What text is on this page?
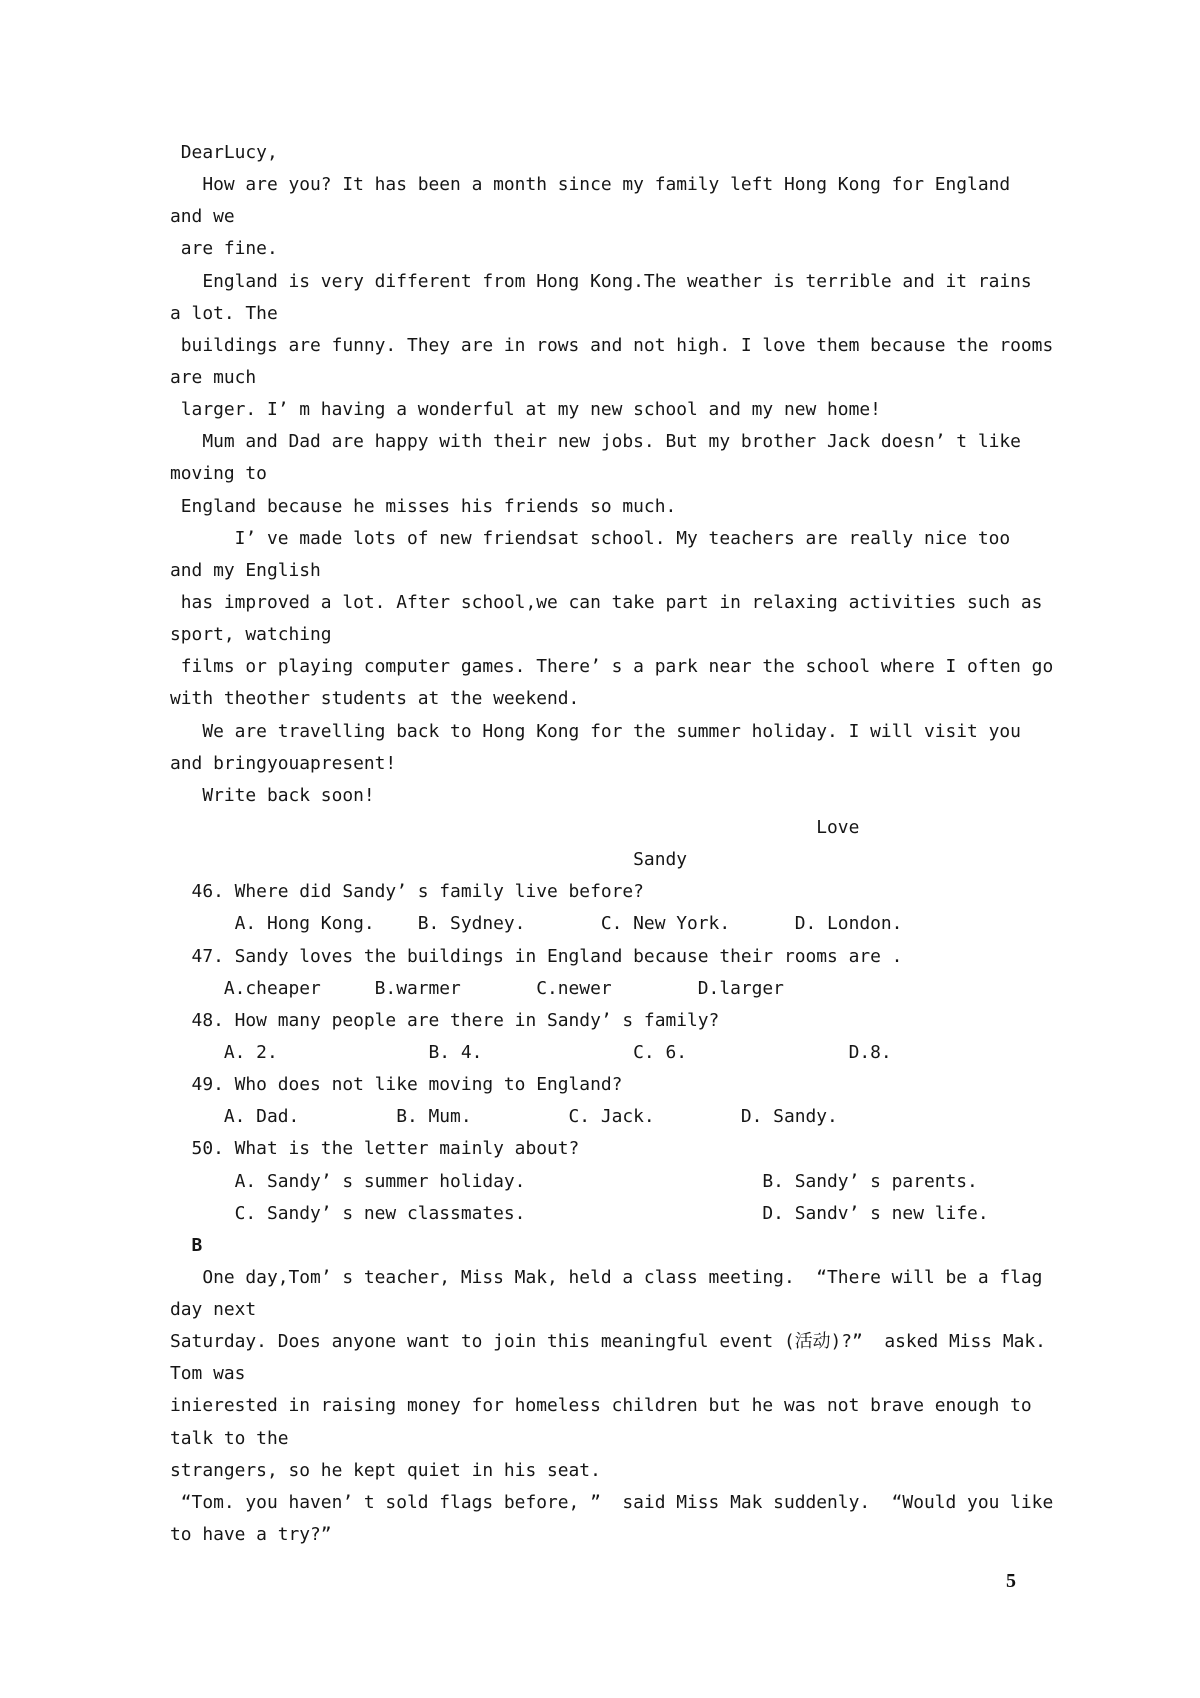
DearLucy,
How are you? It has been a month since my family left Hong Kong for England
and we
are fine.
England is very different from Hong Kong.The weather is terrible and it rains
a lot. The
buildings are funny. They are in rows and not high. I love them because the rooms
are much
larger. I’ m having a wonderful at my new school and my new home!
Mum and Dad are happy with their new jobs. But my brother Jack doesn’ t like
moving to
England because he misses his friends so much.
I’ ve made lots of new friendsat school. My teachers are really nice too
and my English
has improved a lot. After school,we can take part in relaxing activities such as
sport, watching
films or playing computer games. There’ s a park near the school where I often go
with theother students at the weekend.
We are travelling back to Hong Kong for the summer holiday. I will visit you
and bringyouapresent!
Write back soon!
Love
Sandy
46. Where did Sandy’ s family live before?
A. Hong Kong.    B. Sydney.       C. New York.      D. London.
47. Sandy loves the buildings in England because their rooms are .
A.cheaper     B.warmer       C.newer        D.larger
48. How many people are there in Sandy’ s family?
A. 2.              B. 4.              C. 6.               D.8.
49. Who does not like moving to England?
A. Dad.         B. Mum.         C. Jack.        D. Sandy.
50. What is the letter mainly about?
A. Sandy’ s summer holiday.                      B. Sandy’ s parents.
C. Sandy’ s new classmates.                      D. Sandv’ s new life.
B
One day,Tom’ s teacher, Miss Mak, held a class meeting.  “There will be a flag
day next
Saturday. Does anyone want to join this meaningful event (活动)?”  asked Miss Mak.
Tom was
inierested in raising money for homeless children but he was not brave enough to
talk to the
strangers, so he kept quiet in his seat.
“Tom. you haven’ t sold flags before, ”  said Miss Mak suddenly.  “Would you like
to have a try?”
5
